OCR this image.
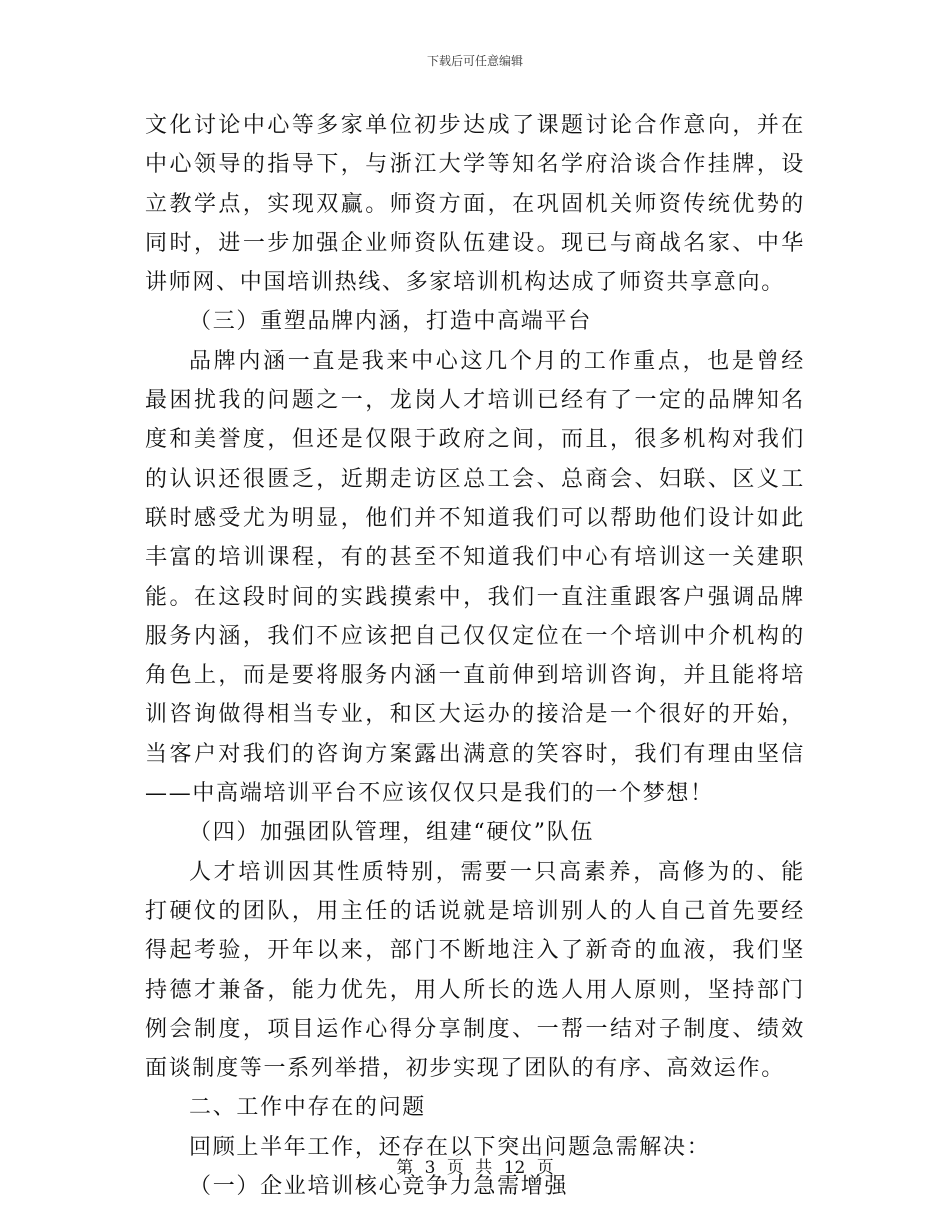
下载后可任意编辑

文化讨论中心等多家单位初步达成了课题讨论合作意向，并在中心领导的指导下，与浙江大学等知名学府洽谈合作挂牌，设立教学点，实现双赢。师资方面，在巩固机关师资传统优势的同时，进一步加强企业师资队伍建设。现已与商战名家、中华讲师网、中国培训热线、多家培训机构达成了师资共享意向。

（三）重塑品牌内涵，打造中高端平台

品牌内涵一直是我来中心这几个月的工作重点，也是曾经最困扰我的问题之一，龙岗人才培训已经有了一定的品牌知名度和美誉度，但还是仅限于政府之间，而且，很多机构对我们的认识还很匮乏，近期走访区总工会、总商会、妇联、区义工联时感受尤为明显，他们并不知道我们可以帮助他们设计如此丰富的培训课程，有的甚至不知道我们中心有培训这一关建职能。在这段时间的实践摸索中，我们一直注重跟客户强调品牌服务内涵，我们不应该把自己仅仅定位在一个培训中介机构的角色上，而是要将服务内涵一直前伸到培训咨询，并且能将培训咨询做得相当专业，和区大运办的接洽是一个很好的开始，当客户对我们的咨询方案露出满意的笑容时，我们有理由坚信——中高端培训平台不应该仅仅只是我们的一个梦想！

（四）加强团队管理，组建“硬伩”队伍

人才培训因其性质特别，需要一只高素养，高修为的、能打硬伩的团队，用主任的话说就是培训别人的人自己首先要经得起考验，开年以来，部门不断地注入了新奇的血液，我们坚持德才兼备，能力优先，用人所长的选人用人原则，坚持部门例会制度，项目运作心得分享制度、一帮一结对子制度、绩效面谈制度等一系列举措，初步实现了团队的有序、高效运作。

二、工作中存在的问题

回顾上半年工作，还存在以下突出问题急需解决：

（一）企业培训核心竞争力急需增强

第 3 页 共 12 页
